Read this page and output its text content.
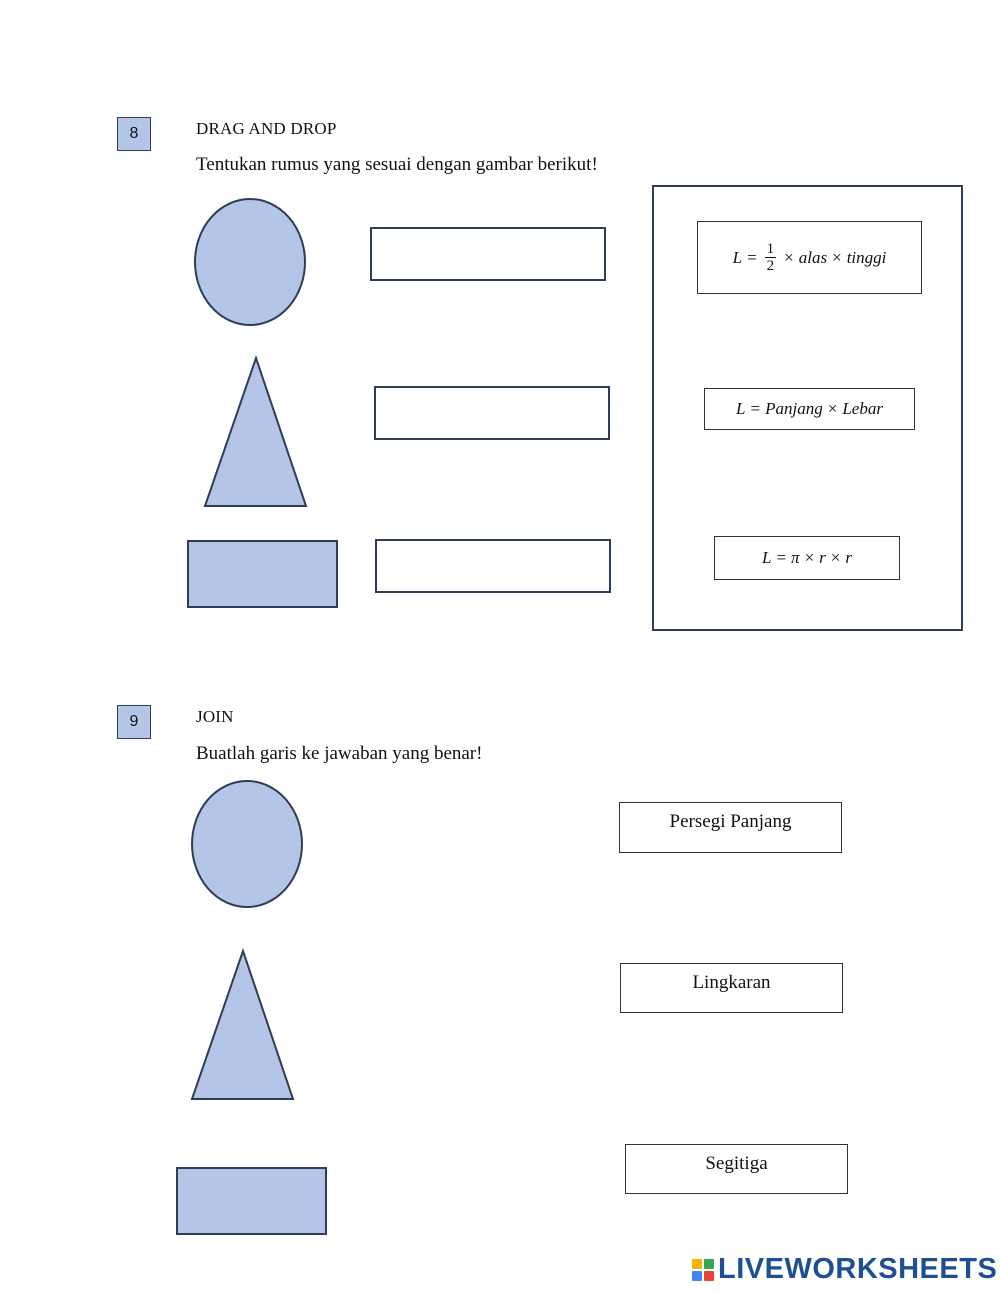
8	DRAG AND DROP
Tentukan rumus yang sesuai dengan gambar berikut!
$L = \frac{1}{2}$ × alas × tinggi
L = Panjang × Lebar
L = π × r × r
9	JOIN
Buatlah garis ke jawaban yang benar!
Persegi Panjang
Lingkaran
Segitiga
LIVEWORKSHEETS
